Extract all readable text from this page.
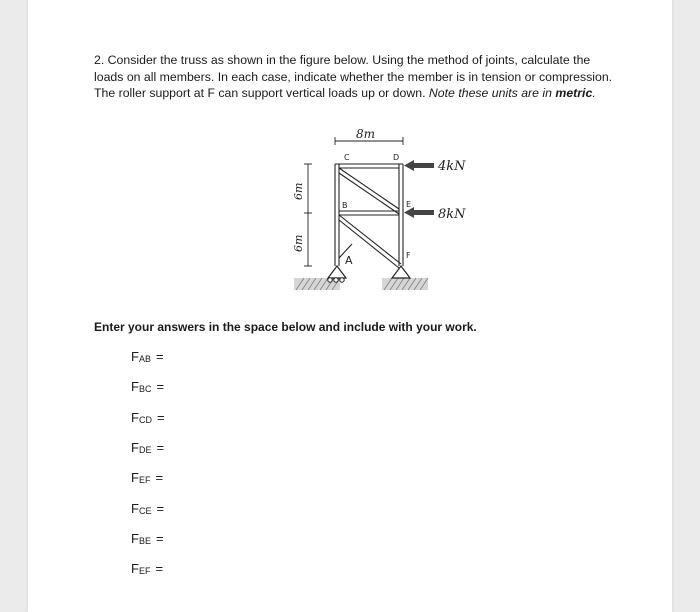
2. Consider the truss as shown in the figure below. Using the method of joints, calculate the loads on all members. In each case, indicate whether the member is in tension or compression. The roller support at F can support vertical loads up or down. Note these units are in metric.
8m
6m
6m
C	D
B	E
A	F
4kN
8kN
Enter your answers in the space below and include with your work.
F AB =
F BC =
F CD =
F DE =
F EF =
F CE =
F BE =
F EF =
